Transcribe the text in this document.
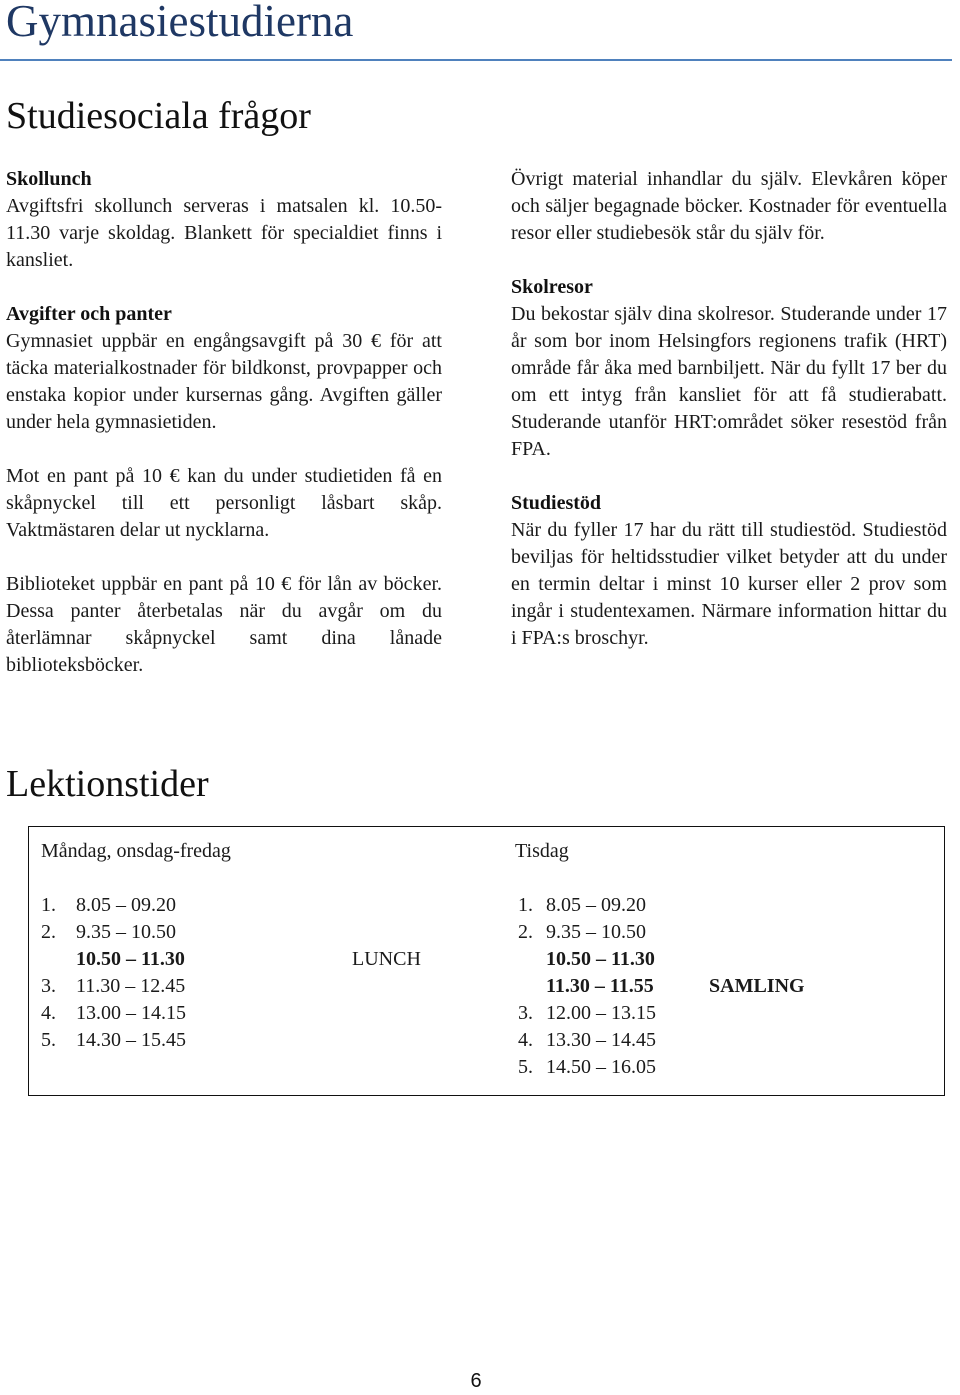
Gymnasiestudierna
Studiesociala frågor

Skollunch
Avgiftsfri skollunch serveras i matsalen kl. 10.50-11.30 varje skoldag. Blankett för specialdiet finns i kansliet.

Avgifter och panter
Gymnasiet uppbär en engångsavgift på 30 € för att täcka materialkostnader för bildkonst, provpapper och enstaka kopior under kursernas gång. Avgiften gäller under hela gymnasietiden.

Mot en pant på 10 € kan du under studietiden få en skåpnyckel till ett personligt låsbart skåp. Vaktmästaren delar ut nycklarna.

Biblioteket uppbär en pant på 10 € för lån av böcker. Dessa panter återbetalas när du avgår om du återlämnar skåpnyckel samt dina lånade biblioteksböcker.

Övrigt material inhandlar du själv. Elevkåren köper och säljer begagnade böcker. Kostnader för eventuella resor eller studiebesök står du själv för.

Skolresor
Du bekostar själv dina skolresor. Studerande under 17 år som bor inom Helsingfors regionens trafik (HRT) område får åka med barnbiljett. När du fyllt 17 ber du om ett intyg från kansliet för att få studierabatt. Studerande utanför HRT:området söker resestöd från FPA.

Studiestöd
När du fyller 17 har du rätt till studiestöd. Studiestöd beviljas för heltidsstudier vilket betyder att du under en termin deltar i minst 10 kurser eller 2 prov som ingår i studentexamen. Närmare information hittar du i FPA:s broschyr.

Lektionstider
Måndag, onsdag-fredag
1. 8.05 – 09.20
2. 9.35 – 10.50
10.50 – 11.30	LUNCH
3. 11.30 – 12.45
4. 13.00 – 14.15
5. 14.30 – 15.45
Tisdag
1. 8.05 – 09.20
2. 9.35 – 10.50
10.50 – 11.30
11.30 – 11.55	SAMLING
3. 12.00 – 13.15
4. 13.30 – 14.45
5. 14.50 – 16.05
6
